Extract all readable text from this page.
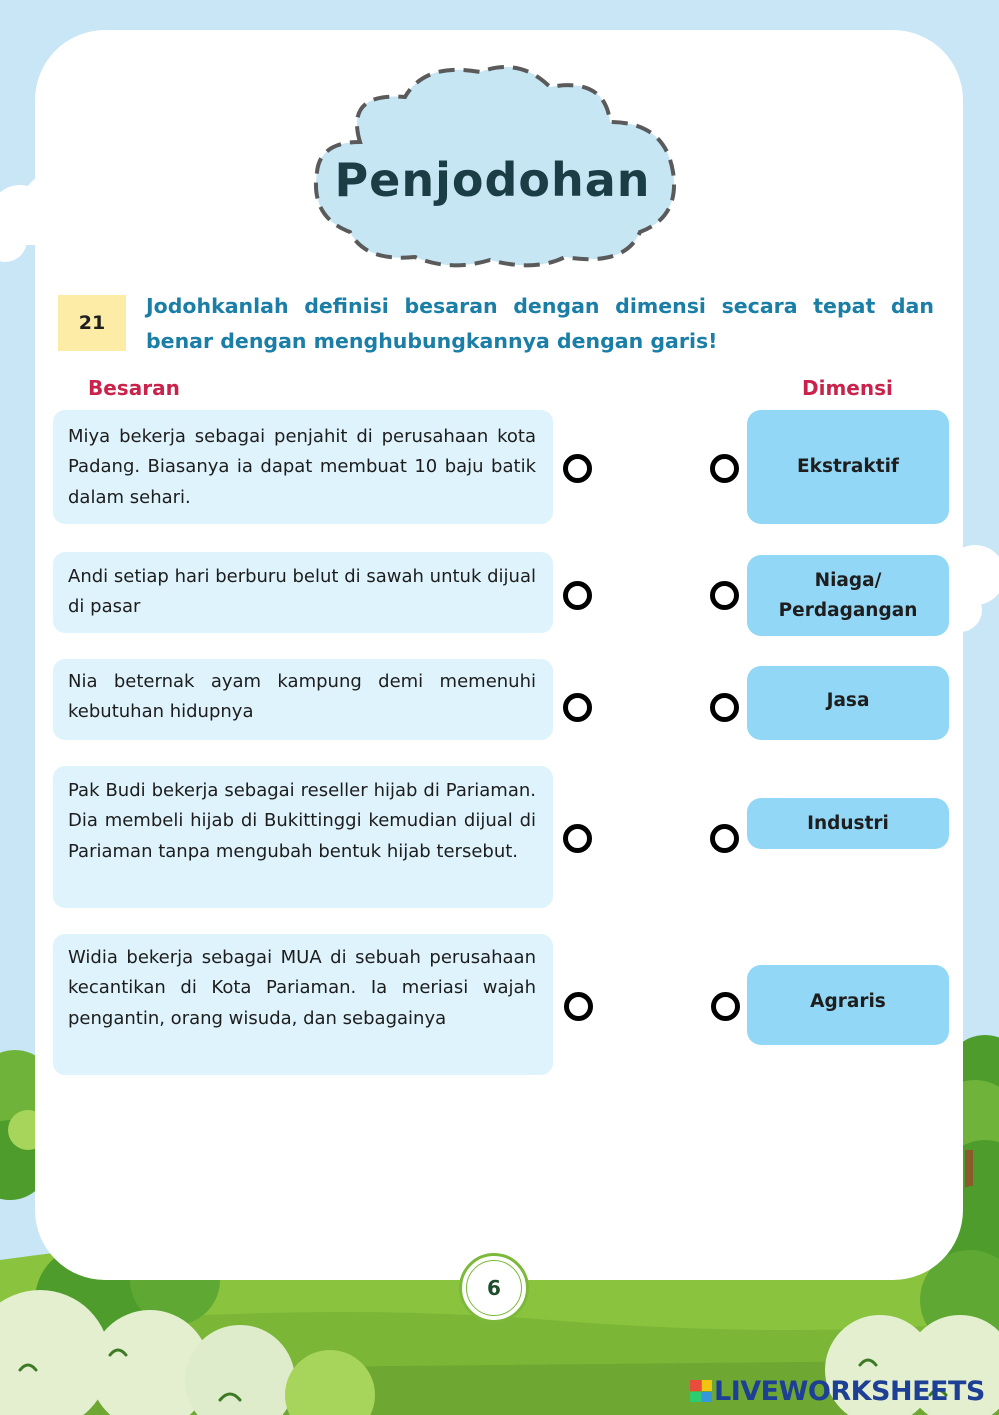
Penjodohan
21
Jodohkanlah definisi besaran dengan dimensi secara tepat dan benar dengan menghubungkannya dengan garis!
Besaran	Dimensi
Miya bekerja sebagai penjahit di perusahaan kota Padang. Biasanya ia dapat membuat 10 baju batik dalam sehari.
Andi setiap hari berburu belut di sawah untuk dijual di pasar
Nia beternak ayam kampung demi memenuhi kebutuhan hidupnya
Pak Budi bekerja sebagai reseller hijab di Pariaman. Dia membeli hijab di Bukittinggi kemudian dijual di Pariaman tanpa mengubah bentuk hijab tersebut.
Widia bekerja sebagai MUA di sebuah perusahaan kecantikan di Kota Pariaman. Ia meriasi wajah pengantin, orang wisuda, dan sebagainya
Ekstraktif
Niaga/ Perdagangan
Jasa
Industri
Agraris
6
LIVEWORKSHEETS
